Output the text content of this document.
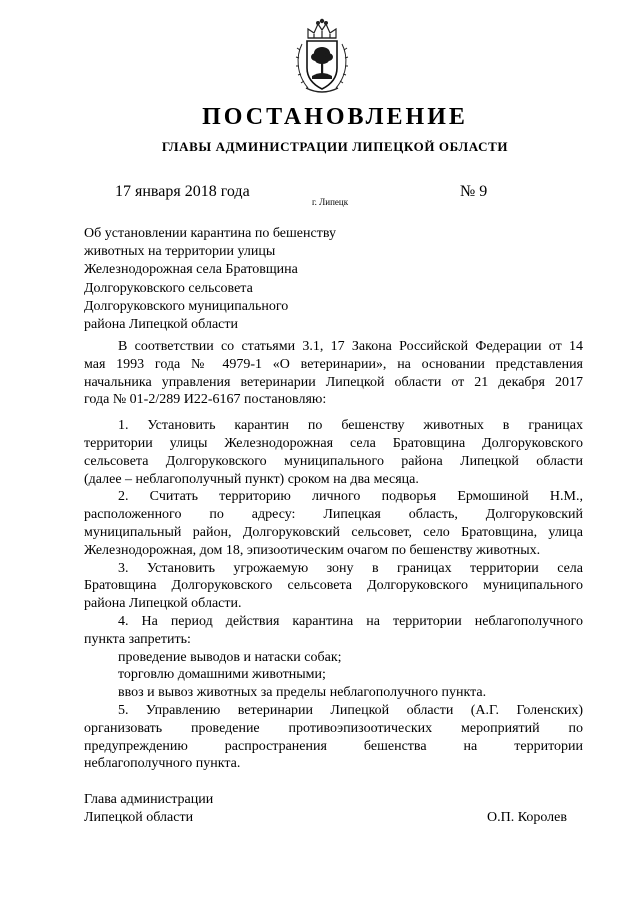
ПОСТАНОВЛЕНИЕ
ГЛАВЫ АДМИНИСТРАЦИИ ЛИПЕЦКОЙ ОБЛАСТИ
17 января 2018 года
г. Липецк
№ 9
Об установлении карантина по бешенству
животных на территории улицы
Железнодорожная села Братовщина
Долгоруковского сельсовета
Долгоруковского муниципального
района Липецкой области
В соответствии со статьями 3.1, 17 Закона Российской Федерации от 14
мая 1993 года № 4979-1 «О ветеринарии», на основании представления
начальника управления ветеринарии Липецкой области от 21 декабря 2017
года № 01-2/289 И22-6167 постановляю:
1. Установить карантин по бешенству животных в границах
территории улицы Железнодорожная села Братовщина Долгоруковского
сельсовета Долгоруковского муниципального района Липецкой области
(далее – неблагополучный пункт) сроком на два месяца.
2. Считать территорию личного подворья Ермошиной Н.М.,
расположенного по адресу: Липецкая область, Долгоруковский
муниципальный район, Долгоруковский сельсовет, село Братовщина, улица
Железнодорожная, дом 18, эпизоотическим очагом по бешенству животных.
3. Установить угрожаемую зону в границах территории села
Братовщина Долгоруковского сельсовета Долгоруковского муниципального
района Липецкой области.
4. На период действия карантина на территории неблагополучного
пункта запретить:
проведение выводов и натаски собак;
торговлю домашними животными;
ввоз и вывоз животных за пределы неблагополучного пункта.
5. Управлению ветеринарии Липецкой области (А.Г. Голенских)
организовать проведение противоэпизоотических мероприятий по
предупреждению распространения бешенства на территории
неблагополучного пункта.
Глава администрации
Липецкой области	О.П. Королев
